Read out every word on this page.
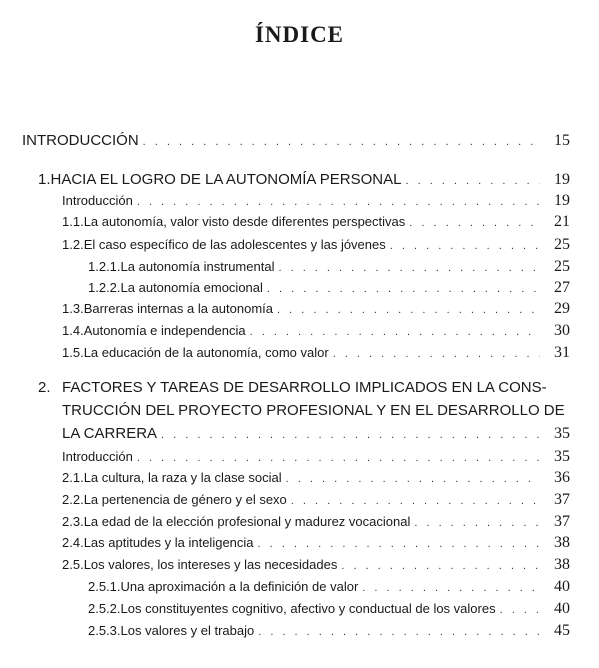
ÍNDICE
INTRODUCCIÓN . . .	15
1. HACIA EL LOGRO DE LA AUTONOMÍA PERSONAL . . .	19
Introducción . . .	19
1.1. La autonomía, valor visto desde diferentes perspectivas . . .	21
1.2. El caso específico de las adolescentes y las jóvenes . . .	25
1.2.1. La autonomía instrumental . . .	25
1.2.2. La autonomía emocional . . .	27
1.3. Barreras internas a la autonomía . . .	29
1.4. Autonomía e independencia . . .	30
1.5. La educación de la autonomía, como valor . . .	31
2. FACTORES Y TAREAS DE DESARROLLO IMPLICADOS EN LA CONS-
TRUCCIÓN DEL PROYECTO PROFESIONAL Y EN EL DESARROLLO DE
LA CARRERA . . .	35
Introducción . . .	35
2.1. La cultura, la raza y la clase social . . .	36
2.2. La pertenencia de género y el sexo . . .	37
2.3. La edad de la elección profesional y madurez vocacional . . .	37
2.4. Las aptitudes y la inteligencia . . .	38
2.5. Los valores, los intereses y las necesidades . . .	38
2.5.1. Una aproximación a la definición de valor . . .	40
2.5.2. Los constituyentes cognitivo, afectivo y conductual de los valores . . .	40
2.5.3. Los valores y el trabajo . . .	45
